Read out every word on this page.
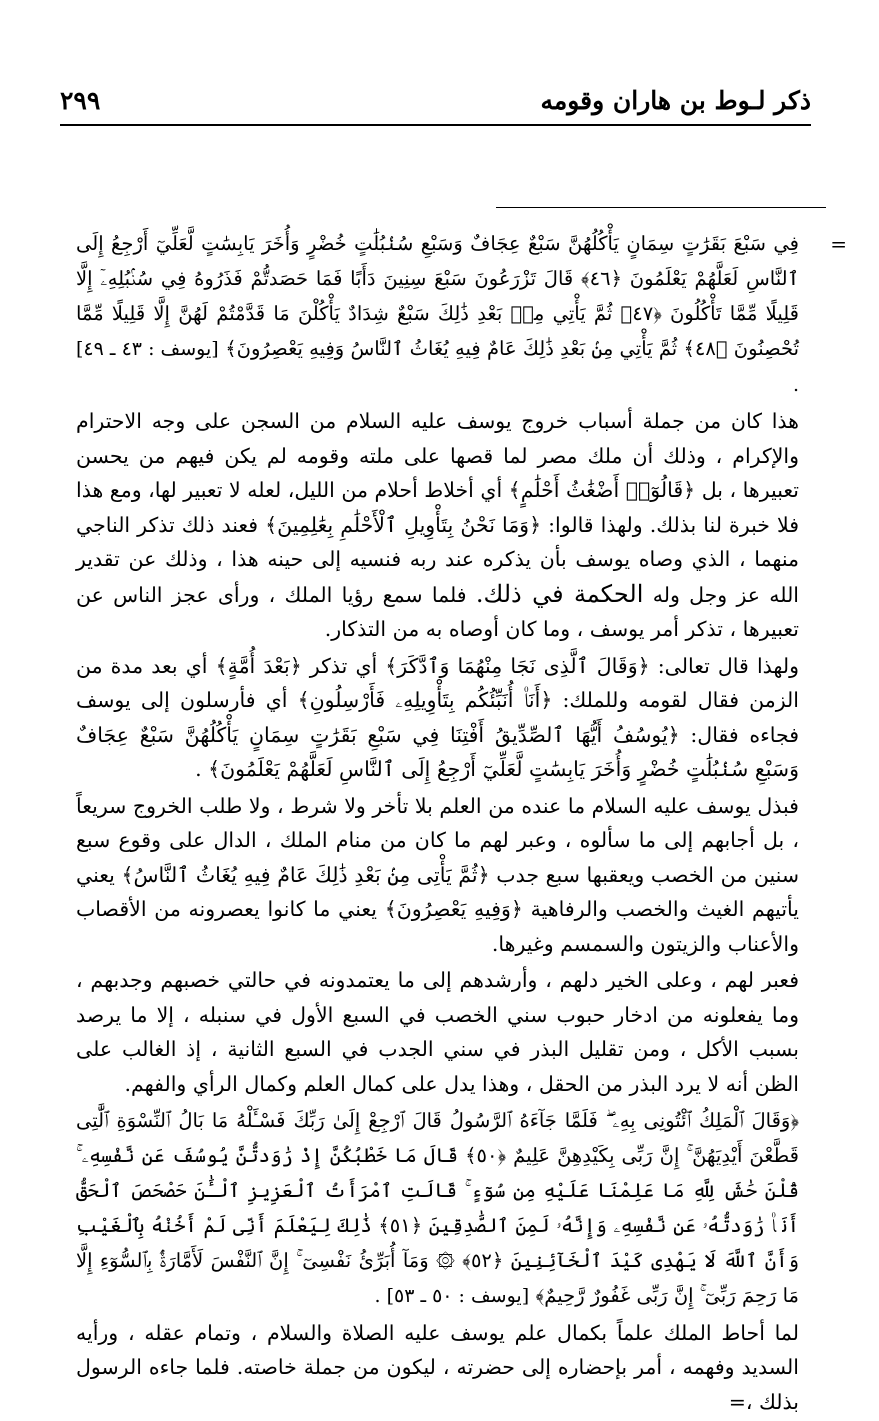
ذكر لـوط بن هاران وقومه
٢٩٩
=

فِي سَبْعَ بَقَرَٰتٍ سِمَانٍ يَأْكُلُهُنَّ سَبْعٌ عِجَافٌ وَسَبْعِ سُنۢبُلَٰتٍ خُضْرٍ وَأُخَرَ يَابِسَٰتٍ لَّعَلِّيٓ أَرْجِعُ إِلَى ٱلنَّاسِ لَعَلَّهُمْ يَعْلَمُونَ ﴿٤٦﴾ قَالَ تَزْرَعُونَ سَبْعَ سِنِينَ دَأَبًا فَمَا حَصَدتُّمْ فَذَرُوهُ فِي سُنۢبُلِهِۦٓ إِلَّا قَلِيلًا مِّمَّا تَأْكُلُونَ ﴿٤٧﴾ ثُمَّ يَأْتِي مِنۢ بَعْدِ ذَٰلِكَ سَبْعٌ شِدَادٌ يَأْكُلْنَ مَا قَدَّمْتُمْ لَهُنَّ إِلَّا قَلِيلًا مِّمَّا تُحْصِنُونَ ﴿٤٨﴾ ثُمَّ يَأْتِي مِنۢ بَعْدِ ذَٰلِكَ عَامٌ فِيهِ يُغَاثُ ٱلنَّاسُ وَفِيهِ يَعْصِرُونَ﴾ [يوسف : ٤٣ ـ ٤٩] .

هذا كان من جملة أسباب خروج يوسف عليه السلام من السجن على وجه الاحترام والإكرام ، وذلك أن ملك مصر لما قصها على ملته وقومه لم يكن فيهم من يحسن تعبيرها ، بل ﴿قَالُوٓا۟ أَضْغَٰثُ أَحْلَٰمٍ﴾ أي أخلاط أحلام من الليل، لعله لا تعبير لها، ومع هذا فلا خبرة لنا بذلك. ولهذا قالوا: ﴿وَمَا نَحْنُ بِتَأْوِيلِ ٱلْأَحْلَٰمِ بِعَٰلِمِينَ﴾ فعند ذلك تذكر الناجي منهما ، الذي وصاه يوسف بأن يذكره عند ربه فنسيه إلى حينه هذا ، وذلك عن تقدير الله عز وجل وله الحكمة في ذلك. فلما سمع رؤيا الملك ، ورأى عجز الناس عن تعبيرها ، تذكر أمر يوسف ، وما كان أوصاه به من التذكار.

ولهذا قال تعالى: ﴿وَقَالَ ٱلَّذِى نَجَا مِنْهُمَا وَٱدَّكَرَ﴾ أي تذكر ﴿بَعْدَ أُمَّةٍ﴾ أي بعد مدة من الزمن فقال لقومه وللملك: ﴿أَنَا۠ أُنَبِّئُكُم بِتَأْوِيلِهِۦ فَأَرْسِلُونِ﴾ أي فأرسلون إلى يوسف فجاءه فقال: ﴿يُوسُفُ أَيُّهَا ٱلصِّدِّيقُ أَفْتِنَا فِي سَبْعِ بَقَرَٰتٍ سِمَانٍ يَأْكُلُهُنَّ سَبْعٌ عِجَافٌ وَسَبْعِ سُنۢبُلَٰتٍ خُضْرٍ وَأُخَرَ يَابِسَٰتٍ لَّعَلِّيٓ أَرْجِعُ إِلَى ٱلنَّاسِ لَعَلَّهُمْ يَعْلَمُونَ﴾ .

فبذل يوسف عليه السلام ما عنده من العلم بلا تأخر ولا شرط ، ولا طلب الخروج سريعاً ، بل أجابهم إلى ما سألوه ، وعبر لهم ما كان من منام الملك ، الدال على وقوع سبع سنين من الخصب ويعقبها سبع جدب ﴿ثُمَّ يَأْتِى مِنۢ بَعْدِ ذَٰلِكَ عَامٌ فِيهِ يُغَاثُ ٱلنَّاسُ﴾ يعني يأتيهم الغيث والخصب والرفاهية ﴿وَفِيهِ يَعْصِرُونَ﴾ يعني ما كانوا يعصرونه من الأقصاب والأعناب والزيتون والسمسم وغيرها.

فعبر لهم ، وعلى الخير دلهم ، وأرشدهم إلى ما يعتمدونه في حالتي خصبهم وجدبهم ، وما يفعلونه من ادخار حبوب سني الخصب في السبع الأول في سنبله ، إلا ما يرصد بسبب الأكل ، ومن تقليل البذر في سني الجدب في السبع الثانية ، إذ الغالب على الظن أنه لا يرد البذر من الحقل ، وهذا يدل على كمال العلم وكمال الرأي والفهم.

﴿وَقَالَ ٱلْمَلِكُ ٱئْتُونِى بِهِۦ ۖ فَلَمَّا جَآءَهُ ٱلرَّسُولُ قَالَ ٱرْجِعْ إِلَىٰ رَبِّكَ فَسْـَٔلْهُ مَا بَالُ ٱلنِّسْوَةِ ٱلَّٰتِى قَطَّعْنَ أَيْدِيَهُنَّ ۚ إِنَّ رَبِّى بِكَيْدِهِنَّ عَلِيمٌ ﴿٥٠﴾ قَالَ مَا خَطْبُكُنَّ إِذْ رَٰوَدتُّنَّ يُوسُفَ عَن نَّفْسِهِۦ ۚ قُلْنَ حَٰشَ لِلَّهِ مَا عَلِمْنَا عَلَيْهِ مِن سُوٓءٍ ۚ قَالَتِ ٱمْرَأَتُ ٱلْعَزِيزِ ٱلْـَٰٔنَ حَصْحَصَ ٱلْحَقُّ أَنَا۠ رَٰوَدتُّهُۥ عَن نَّفْسِهِۦ وَإِنَّهُۥ لَمِنَ ٱلصَّٰدِقِينَ ﴿٥١﴾ ذَٰلِكَ لِيَعْلَمَ أَنِّى لَمْ أَخُنْهُ بِٱلْغَيْبِ وَأَنَّ ٱللَّهَ لَا يَهْدِى كَيْدَ ٱلْخَآئِنِينَ ﴿٥٢﴾ ۞ وَمَآ أُبَرِّئُ نَفْسِىٓ ۚ إِنَّ ٱلنَّفْسَ لَأَمَّارَةٌۢ بِٱلسُّوٓءِ إِلَّا مَا رَحِمَ رَبِّىٓ ۚ إِنَّ رَبِّى غَفُورٌ رَّحِيمٌ﴾ [يوسف : ٥٠ ـ ٥٣] .

لما أحاط الملك علماً بكمال علم يوسف عليه الصلاة والسلام ، وتمام عقله ، ورأيه السديد وفهمه ، أمر بإحضاره إلى حضرته ، ليكون من جملة خاصته. فلما جاءه الرسول بذلك ،=
